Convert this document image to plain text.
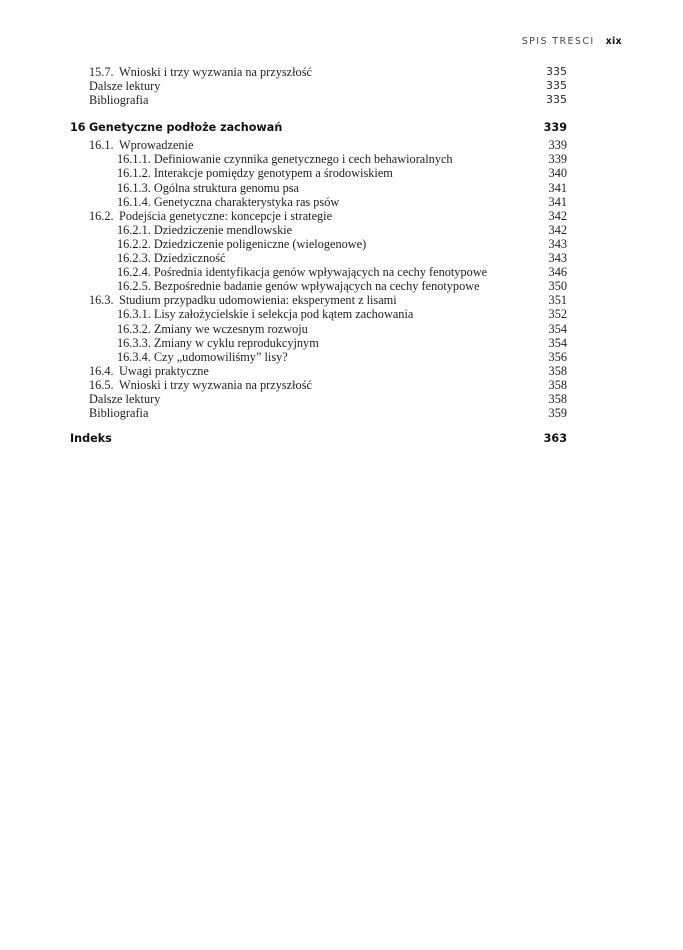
SPIS TRESCI xix
15.7. Wnioski i trzy wyzwania na przyszłość	335
Dalsze lektury	335
Bibliografia	335
16 Genetyczne podłoże zachowań	339
16.1. Wprowadzenie	339
16.1.1. Definiowanie czynnika genetycznego i cech behawioralnych	339
16.1.2. Interakcje pomiędzy genotypem a środowiskiem	340
16.1.3. Ogólna struktura genomu psa	341
16.1.4. Genetyczna charakterystyka ras psów	341
16.2. Podejścia genetyczne: koncepcje i strategie	342
16.2.1. Dziedziczenie mendlowskie	342
16.2.2. Dziedziczenie poligeniczne (wielogenowe)	343
16.2.3. Dziedziczność	343
16.2.4. Pośrednia identyfikacja genów wpływających na cechy fenotypowe	346
16.2.5. Bezpośrednie badanie genów wpływających na cechy fenotypowe	350
16.3. Studium przypadku udomowienia: eksperyment z lisami	351
16.3.1. Lisy założycielskie i selekcja pod kątem zachowania	352
16.3.2. Zmiany we wczesnym rozwoju	354
16.3.3. Zmiany w cyklu reprodukcyjnym	354
16.3.4. Czy „udomowiliśmy” lisy?	356
16.4. Uwagi praktyczne	358
16.5. Wnioski i trzy wyzwania na przyszłość	358
Dalsze lektury	358
Bibliografia	359
Indeks	363
